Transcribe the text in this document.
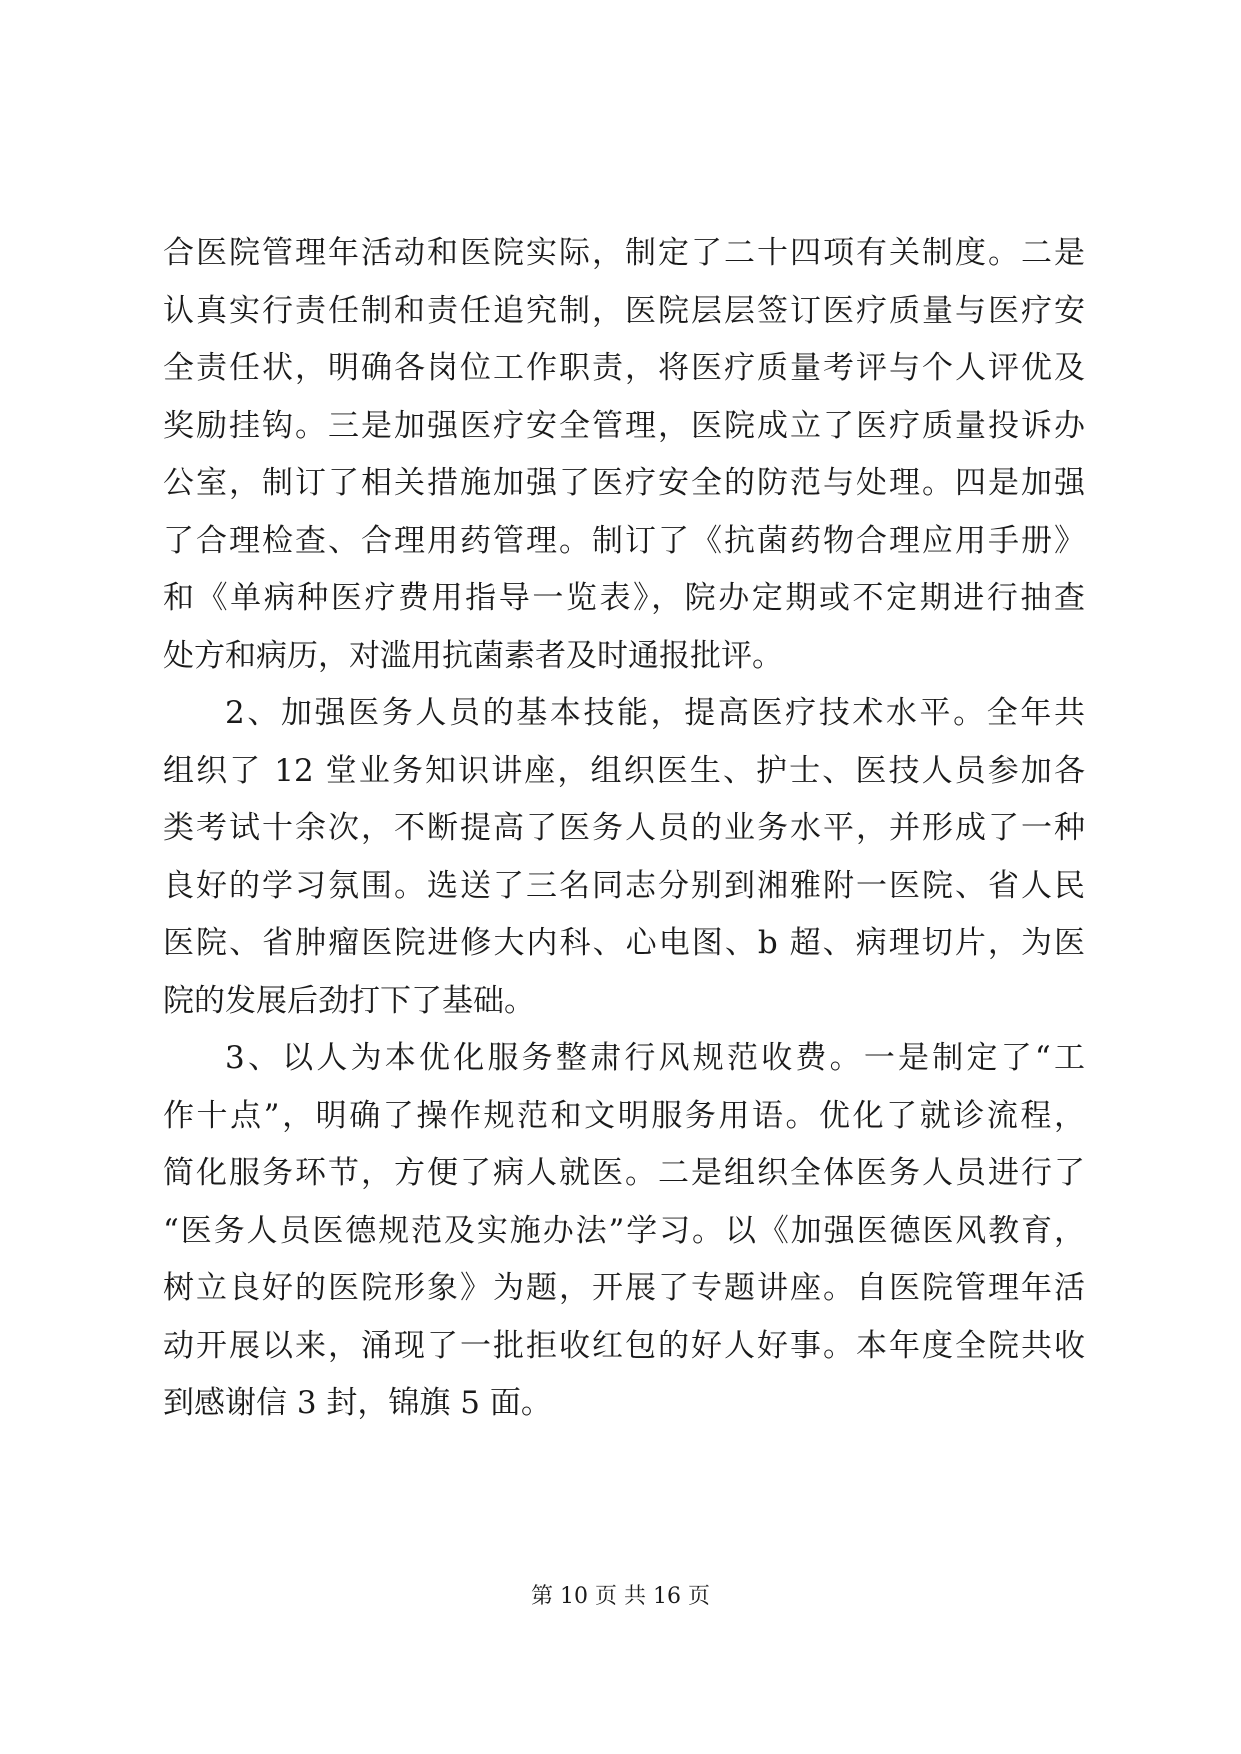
合医院管理年活动和医院实际，制定了二十四项有关制度。二是
认真实行责任制和责任追究制，医院层层签订医疗质量与医疗安
全责任状，明确各岗位工作职责，将医疗质量考评与个人评优及
奖励挂钩。三是加强医疗安全管理，医院成立了医疗质量投诉办
公室，制订了相关措施加强了医疗安全的防范与处理。四是加强
了合理检查、合理用药管理。制订了《抗菌药物合理应用手册》
和《单病种医疗费用指导一览表》，院办定期或不定期进行抽查
处方和病历，对滥用抗菌素者及时通报批评。
2、加强医务人员的基本技能，提高医疗技术水平。全年共
组织了 12 堂业务知识讲座，组织医生、护士、医技人员参加各
类考试十余次，不断提高了医务人员的业务水平，并形成了一种
良好的学习氛围。选送了三名同志分别到湘雅附一医院、省人民
医院、省肿瘤医院进修大内科、心电图、b 超、病理切片，为医
院的发展后劲打下了基础。
3、以人为本优化服务整肃行风规范收费。一是制定了“工
作十点”，明确了操作规范和文明服务用语。优化了就诊流程，
简化服务环节，方便了病人就医。二是组织全体医务人员进行了
“医务人员医德规范及实施办法”学习。以《加强医德医风教育，
树立良好的医院形象》为题，开展了专题讲座。自医院管理年活
动开展以来，涌现了一批拒收红包的好人好事。本年度全院共收
到感谢信 3 封，锦旗 5 面。
第 10 页 共 16 页
